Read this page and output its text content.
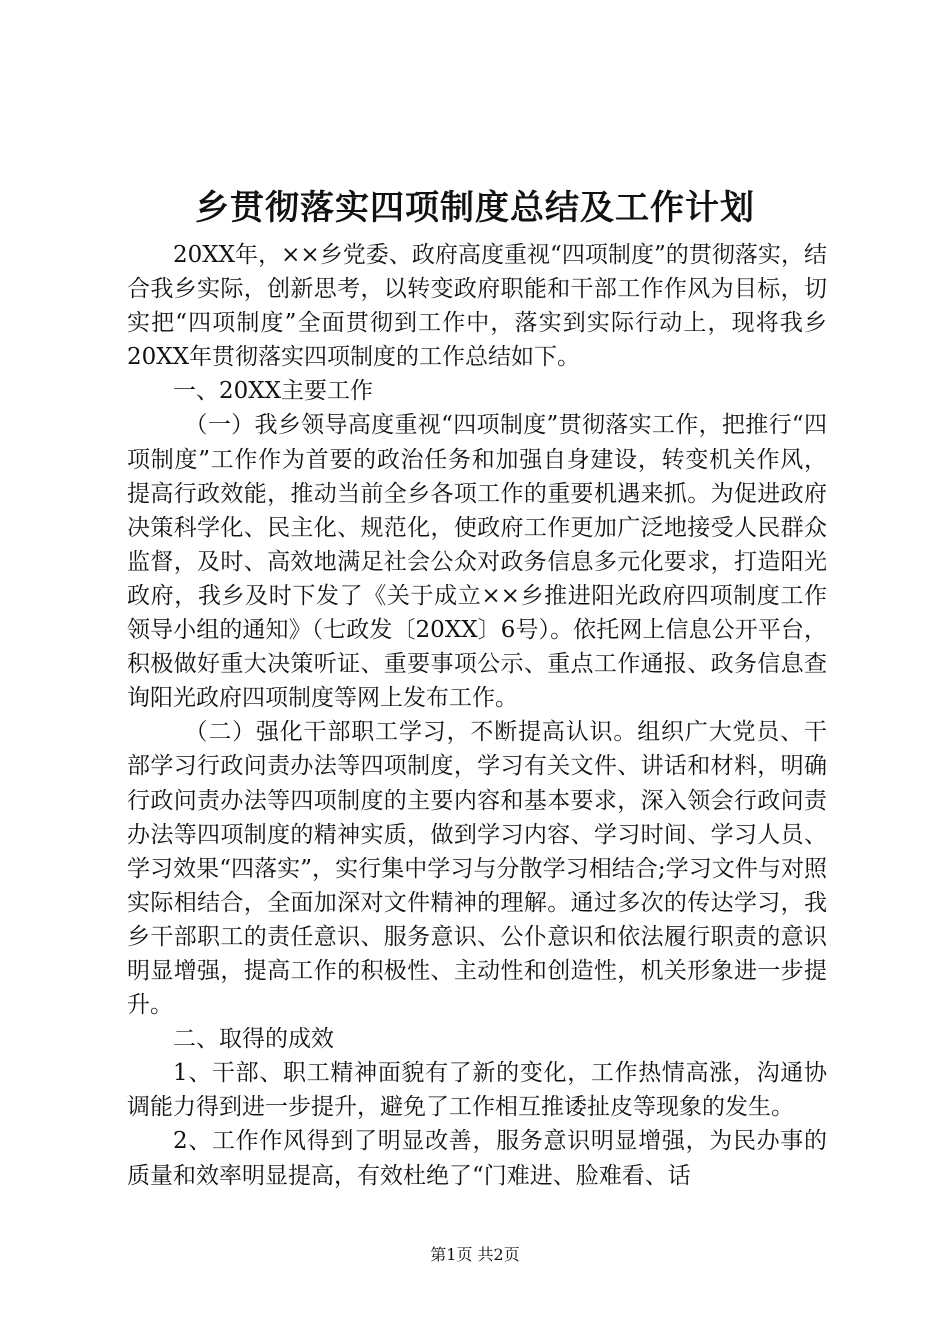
乡贯彻落实四项制度总结及工作计划

20XX年，××乡党委、政府高度重视“四项制度”的贯彻落实，结合我乡实际，创新思考，以转变政府职能和干部工作作风为目标，切实把“四项制度”全面贯彻到工作中，落实到实际行动上，现将我乡20XX年贯彻落实四项制度的工作总结如下。

一、20XX主要工作

（一）我乡领导高度重视“四项制度”贯彻落实工作，把推行“四项制度”工作作为首要的政治任务和加强自身建设，转变机关作风，提高行政效能，推动当前全乡各项工作的重要机遇来抓。为促进政府决策科学化、民主化、规范化，使政府工作更加广泛地接受人民群众监督，及时、高效地满足社会公众对政务信息多元化要求，打造阳光政府，我乡及时下发了《关于成立××乡推进阳光政府四项制度工作领导小组的通知》（七政发〔20XX〕6号）。依托网上信息公开平台，积极做好重大决策听证、重要事项公示、重点工作通报、政务信息查询阳光政府四项制度等网上发布工作。

（二）强化干部职工学习，不断提高认识。组织广大党员、干部学习行政问责办法等四项制度，学习有关文件、讲话和材料，明确行政问责办法等四项制度的主要内容和基本要求，深入领会行政问责办法等四项制度的精神实质，做到学习内容、学习时间、学习人员、学习效果“四落实”，实行集中学习与分散学习相结合;学习文件与对照实际相结合，全面加深对文件精神的理解。通过多次的传达学习，我乡干部职工的责任意识、服务意识、公仆意识和依法履行职责的意识明显增强，提高工作的积极性、主动性和创造性，机关形象进一步提升。

二、取得的成效

1、干部、职工精神面貌有了新的变化，工作热情高涨，沟通协调能力得到进一步提升，避免了工作相互推诿扯皮等现象的发生。

2、工作作风得到了明显改善，服务意识明显增强，为民办事的质量和效率明显提高，有效杜绝了“门难进、脸难看、话

第1页 共2页
